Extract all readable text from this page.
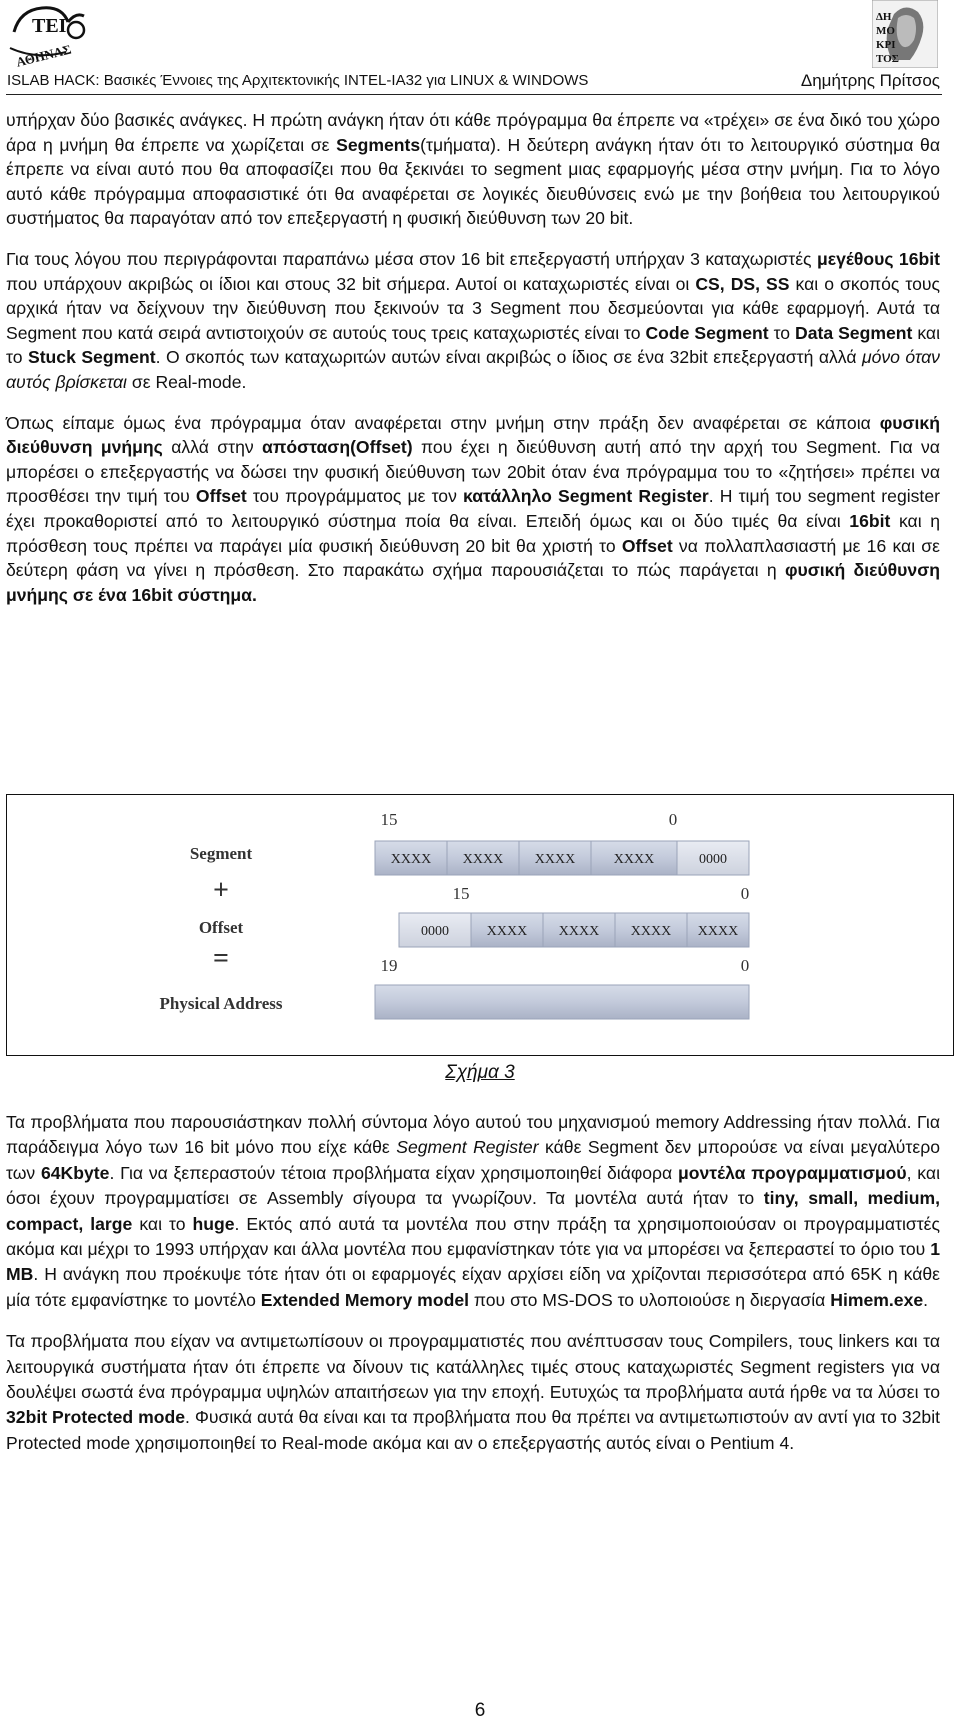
ΤΕΙ
ΑΘΗΝΑΣ
ΔΗ
ΜΟ
ΚΡΙ
ΤΟΣ
ISLAB HACK: Βασικές Έννοιες της Αρχιτεκτονικής INTEL-IA32 για LINUX & WINDOWS	Δημήτρης Πρίτσος

υπήρχαν δύο βασικές ανάγκες. Η πρώτη ανάγκη ήταν ότι κάθε πρόγραμμα θα έπρεπε να «τρέχει» σε ένα δικό του χώρο άρα η μνήμη θα έπρεπε να χωρίζεται σε Segments(τμήματα). Η δεύτερη ανάγκη ήταν ότι το λειτουργικό σύστημα θα έπρεπε να είναι αυτό που θα αποφασίζει που θα ξεκινάει το segment μιας εφαρμογής μέσα στην μνήμη. Για το λόγο αυτό κάθε πρόγραμμα αποφασιστικέ ότι θα αναφέρεται σε λογικές διευθύνσεις ενώ με την βοήθεια του λειτουργικού συστήματος θα παραγόταν από τον επεξεργαστή η φυσική διεύθυνση των 20 bit.

Για τους λόγου που περιγράφονται παραπάνω μέσα στον 16 bit επεξεργαστή υπήρχαν 3 καταχωριστές μεγέθους 16bit που υπάρχουν ακριβώς οι ίδιοι και στους 32 bit σήμερα. Αυτοί οι καταχωριστές είναι οι CS, DS, SS και ο σκοπός τους αρχικά ήταν να δείχνουν την διεύθυνση που ξεκινούν τα 3 Segment που δεσμεύονται για κάθε εφαρμογή. Αυτά τα Segment που κατά σειρά αντιστοιχούν σε αυτούς τους τρεις καταχωριστές είναι το Code Segment το Data Segment και το Stuck Segment. Ο σκοπός των καταχωριτών αυτών είναι ακριβώς ο ίδιος σε ένα 32bit επεξεργαστή αλλά μόνο όταν αυτός βρίσκεται σε Real-mode.

Όπως είπαμε όμως ένα πρόγραμμα όταν αναφέρεται στην μνήμη στην πράξη δεν αναφέρεται σε κάποια φυσική διεύθυνση μνήμης αλλά στην απόσταση(Offset) που έχει η διεύθυνση αυτή από την αρχή του Segment. Για να μπορέσει ο επεξεργαστής να δώσει την φυσική διεύθυνση των 20bit όταν ένα πρόγραμμα του το «ζητήσει» πρέπει να προσθέσει την τιμή του Offset του προγράμματος με τον κατάλληλο Segment Register. Η τιμή του segment register έχει προκαθοριστεί από το λειτουργικό σύστημα ποία θα είναι. Επειδή όμως και οι δύο τιμές θα είναι 16bit και η πρόσθεση τους πρέπει να παράγει μία φυσική διεύθυνση 20 bit θα χριστή το Offset να πολλαπλασιαστή με 16 και σε δεύτερη φάση να γίνει η πρόσθεση. Στο παρακάτω σχήμα παρουσιάζεται το πώς παράγεται η φυσική διεύθυνση μνήμης σε ένα 16bit σύστημα.

Segment
+
Offset
=
Physical Address
15	0
XXXX XXXX XXXX	XXXX	0000
15	0
0000	XXXX XXXX XXXX XXXX
19	0
Σχήμα 3

Τα προβλήματα που παρουσιάστηκαν πολλή σύντομα λόγο αυτού του μηχανισμού memory Addressing ήταν πολλά. Για παράδειγμα λόγο των 16 bit μόνο που είχε κάθε Segment Register κάθε Segment δεν μπορούσε να είναι μεγαλύτερο των 64Kbyte. Για να ξεπεραστούν τέτοια προβλήματα είχαν χρησιμοποιηθεί διάφορα μοντέλα προγραμματισμού, και όσοι έχουν προγραμματίσει σε Assembly σίγουρα τα γνωρίζουν. Τα μοντέλα αυτά ήταν το tiny, small, medium, compact, large και το huge. Εκτός από αυτά τα μοντέλα που στην πράξη τα χρησιμοποιούσαν οι προγραμματιστές ακόμα και μέχρι το 1993 υπήρχαν και άλλα μοντέλα που εμφανίστηκαν τότε για να μπορέσει να ξεπεραστεί το όριο του 1 MB. Η ανάγκη που προέκυψε τότε ήταν ότι οι εφαρμογές είχαν αρχίσει είδη να χρίζονται περισσότερα από 65K η κάθε μία τότε εμφανίστηκε το μοντέλο Extended Memory model που στο MS-DOS το υλοποιούσε η διεργασία Himem.exe.

Τα προβλήματα που είχαν να αντιμετωπίσουν οι προγραμματιστές που ανέπτυσσαν τους Compilers, τους linkers και τα λειτουργικά συστήματα ήταν ότι έπρεπε να δίνουν τις κατάλληλες τιμές στους καταχωριστές Segment registers για να δουλέψει σωστά ένα πρόγραμμα υψηλών απαιτήσεων για την εποχή. Ευτυχώς τα προβλήματα αυτά ήρθε να τα λύσει το 32bit Protected mode. Φυσικά αυτά θα είναι και τα προβλήματα που θα πρέπει να αντιμετωπιστούν αν αντί για το 32bit Protected mode χρησιμοποιηθεί το Real-mode ακόμα και αν ο επεξεργαστής αυτός είναι ο Pentium 4.

6
